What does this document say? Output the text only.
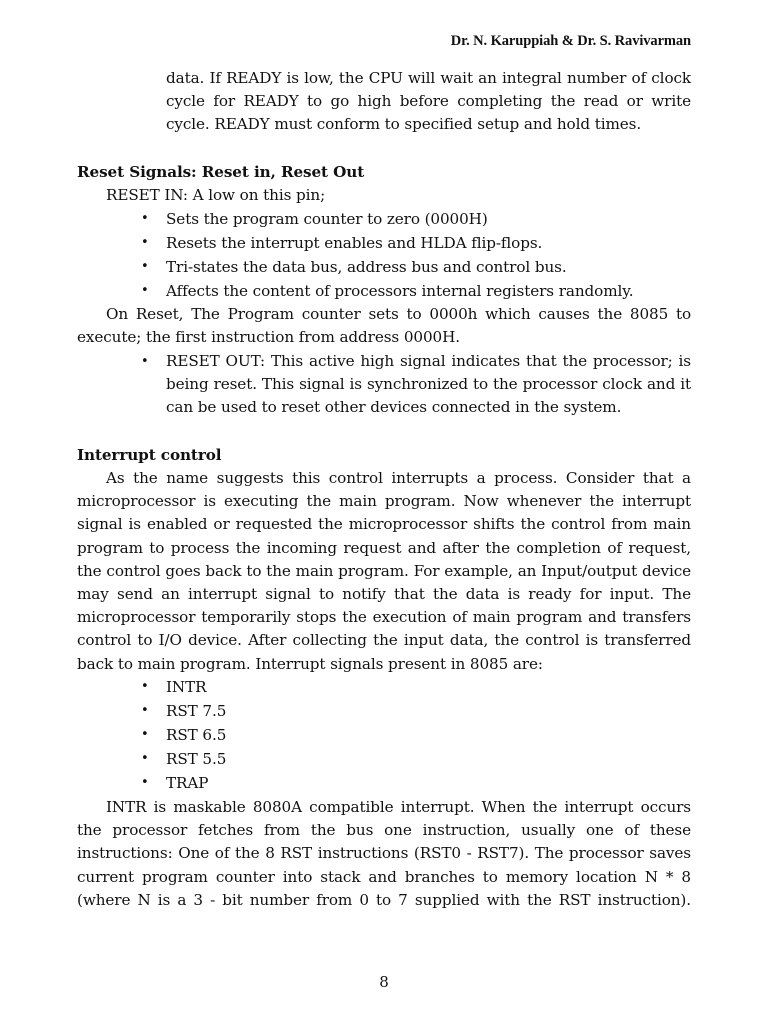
Dr. N. Karuppiah & Dr. S. Ravivarman
data. If READY is low, the CPU will wait an integral number of clock cycle for READY to go high before completing the read or write cycle. READY must conform to specified setup and hold times.
Reset Signals: Reset in, Reset Out
RESET IN: A low on this pin;
• Sets the program counter to zero (0000H)
• Resets the interrupt enables and HLDA flip-flops.
• Tri-states the data bus, address bus and control bus.
• Affects the content of processors internal registers randomly.
On Reset, The Program counter sets to 0000h which causes the 8085 to execute; the first instruction from address 0000H.
• RESET OUT: This active high signal indicates that the processor; is being reset. This signal is synchronized to the processor clock and it can be used to reset other devices connected in the system.
Interrupt control
As the name suggests this control interrupts a process. Consider that a microprocessor is executing the main program. Now whenever the interrupt signal is enabled or requested the microprocessor shifts the control from main program to process the incoming request and after the completion of request, the control goes back to the main program. For example, an Input/output device may send an interrupt signal to notify that the data is ready for input. The microprocessor temporarily stops the execution of main program and transfers control to I/O device. After collecting the input data, the control is transferred back to main program. Interrupt signals present in 8085 are:
• INTR
• RST 7.5
• RST 6.5
• RST 5.5
• TRAP
INTR is maskable 8080A compatible interrupt. When the interrupt occurs the processor fetches from the bus one instruction, usually one of these instructions: One of the 8 RST instructions (RST0 - RST7). The processor saves current program counter into stack and branches to memory location N * 8 (where N is a 3 - bit number from 0 to 7 supplied with the RST instruction).
8
